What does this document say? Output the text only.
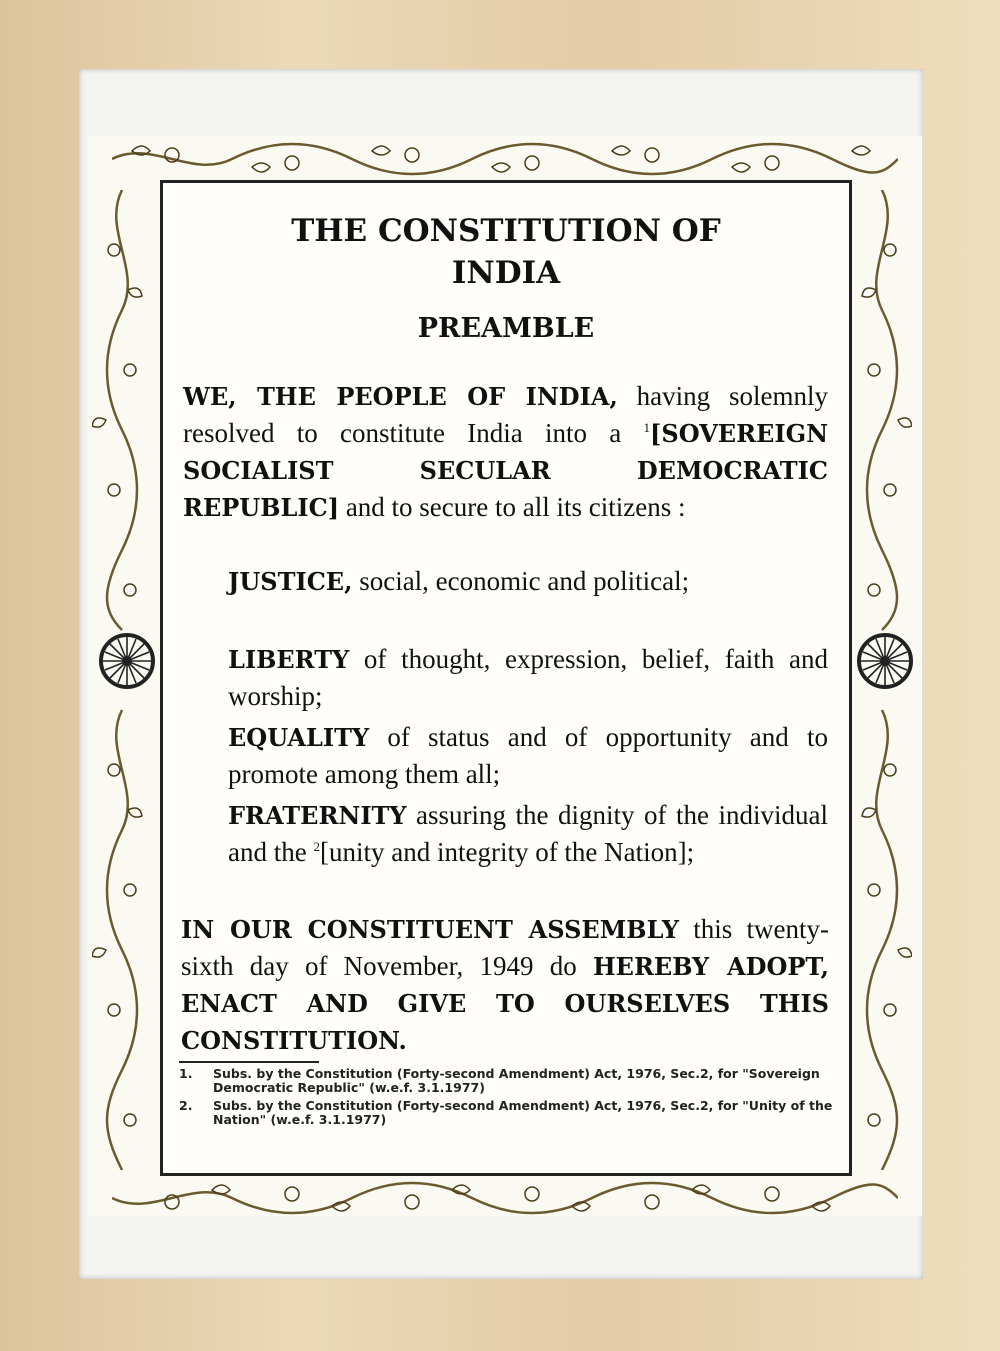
THE CONSTITUTION OF
INDIA
PREAMBLE
WE, THE PEOPLE OF INDIA, having solemnly resolved to constitute India into a $^1$[SOVEREIGN SOCIALIST SECULAR DEMOCRATIC REPUBLIC] and to secure to all its citizens :
JUSTICE, social, economic and political;
LIBERTY of thought, expression, belief, faith and worship;
EQUALITY of status and of opportunity and to promote among them all;
FRATERNITY assuring the dignity of the individual and the $^2$[unity and integrity of the Nation];
IN OUR CONSTITUENT ASSEMBLY this twenty-sixth day of November, 1949 do HEREBY ADOPT, ENACT AND GIVE TO OURSELVES THIS CONSTITUTION.
1.	Subs. by the Constitution (Forty-second Amendment) Act, 1976, Sec.2, for "Sovereign Democratic Republic" (w.e.f. 3.1.1977)
2.	Subs. by the Constitution (Forty-second Amendment) Act, 1976, Sec.2, for "Unity of the Nation" (w.e.f. 3.1.1977)
